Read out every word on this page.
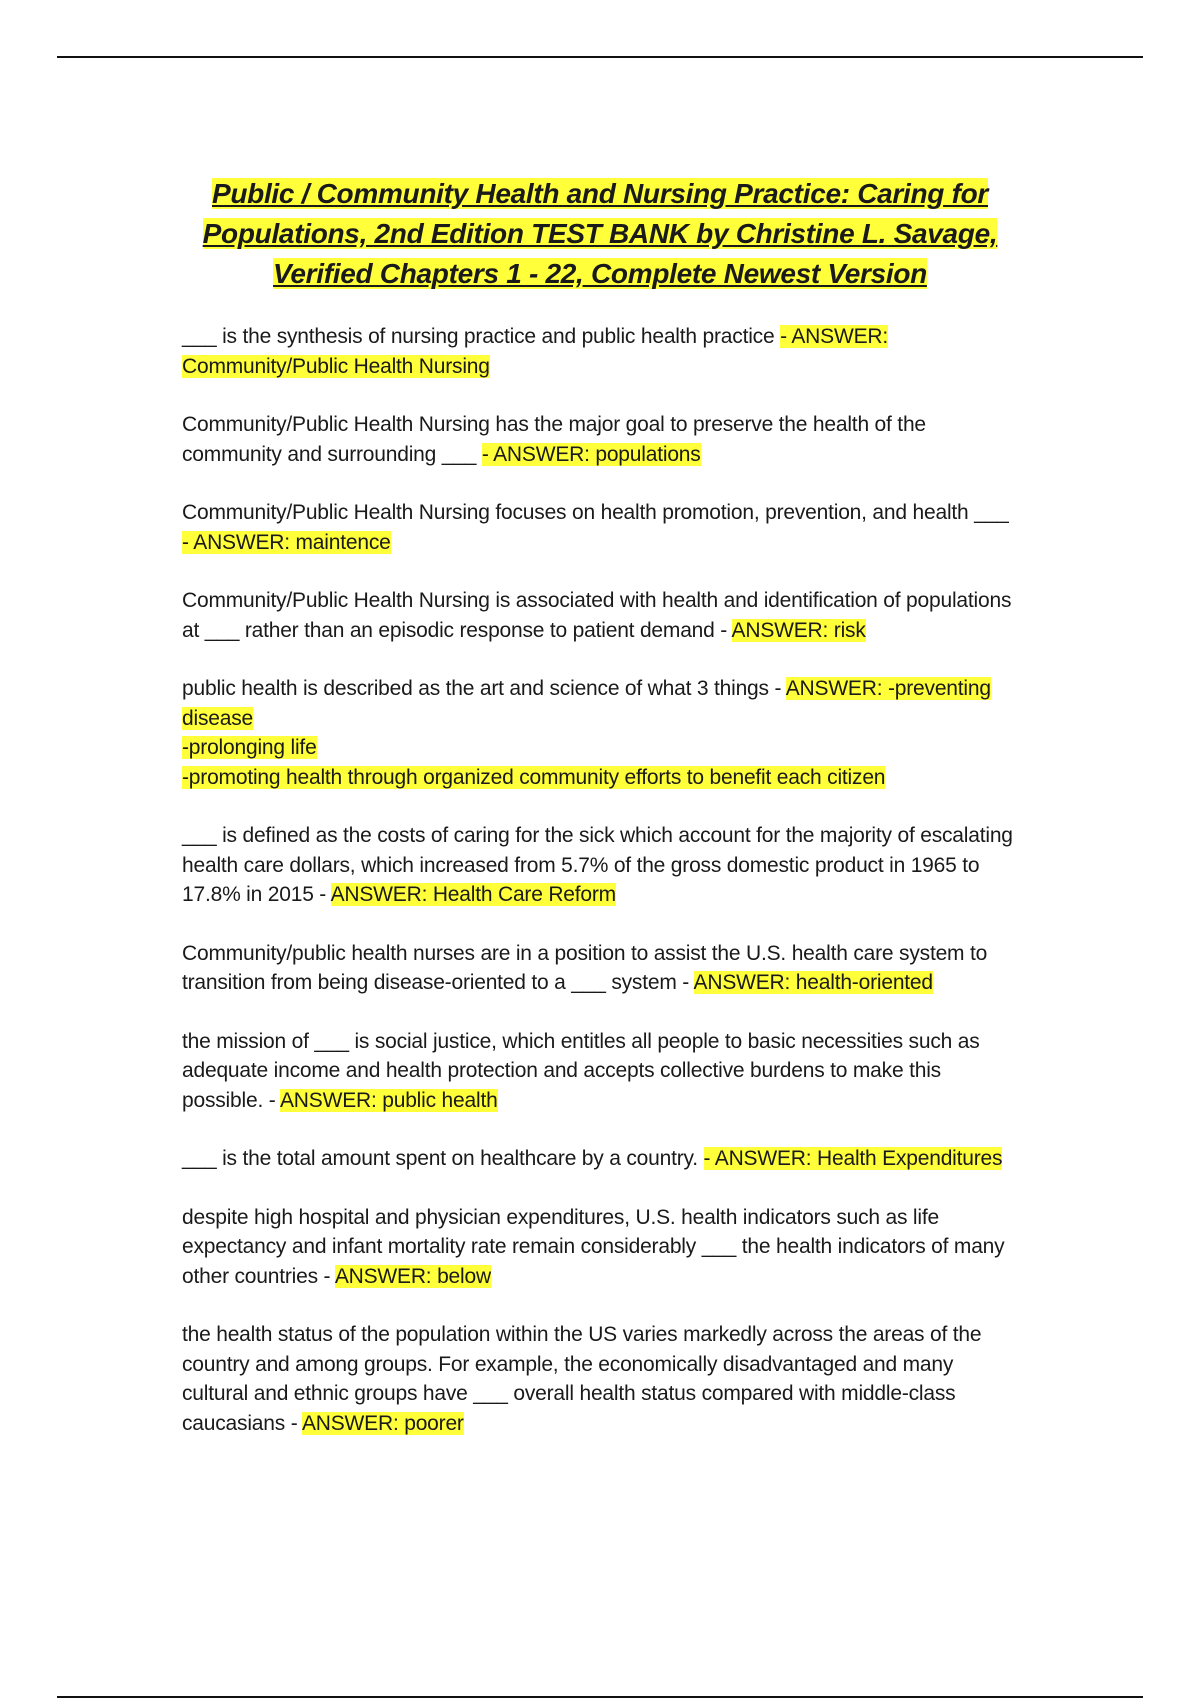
Public / Community Health and Nursing Practice: Caring for Populations, 2nd Edition TEST BANK by Christine L. Savage, Verified Chapters 1 - 22, Complete Newest Version

___ is the synthesis of nursing practice and public health practice - ANSWER: Community/Public Health Nursing

Community/Public Health Nursing has the major goal to preserve the health of the community and surrounding ___ - ANSWER: populations

Community/Public Health Nursing focuses on health promotion, prevention, and health ___ - ANSWER: maintence

Community/Public Health Nursing is associated with health and identification of populations at ___ rather than an episodic response to patient demand - ANSWER: risk

public health is described as the art and science of what 3 things - ANSWER: -preventing disease
-prolonging life
-promoting health through organized community efforts to benefit each citizen

___ is defined as the costs of caring for the sick which account for the majority of escalating health care dollars, which increased from 5.7% of the gross domestic product in 1965 to 17.8% in 2015 - ANSWER: Health Care Reform

Community/public health nurses are in a position to assist the U.S. health care system to transition from being disease-oriented to a ___ system - ANSWER: health-oriented

the mission of ___ is social justice, which entitles all people to basic necessities such as adequate income and health protection and accepts collective burdens to make this possible. - ANSWER: public health

___ is the total amount spent on healthcare by a country. - ANSWER: Health Expenditures

despite high hospital and physician expenditures, U.S. health indicators such as life expectancy and infant mortality rate remain considerably ___ the health indicators of many other countries - ANSWER: below

the health status of the population within the US varies markedly across the areas of the country and among groups. For example, the economically disadvantaged and many cultural and ethnic groups have ___ overall health status compared with middle-class caucasians - ANSWER: poorer
